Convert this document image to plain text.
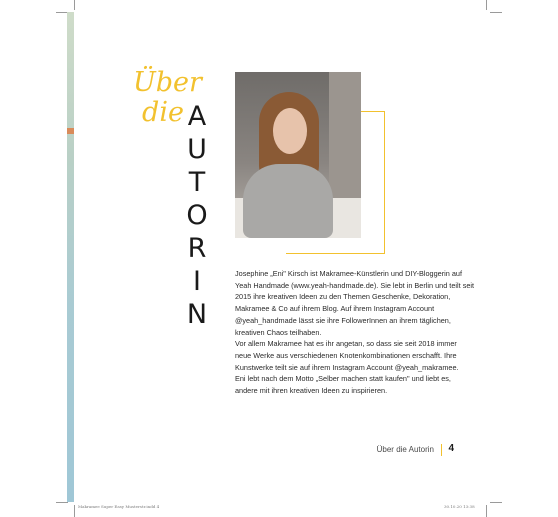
Über
die A
U
T
O
R
I
N

Josephine „Eni" Kirsch ist Makramee-Künstlerin und DIY-Bloggerin auf Yeah Handmade (www.yeah-handmade.de). Sie lebt in Berlin und teilt seit 2015 ihre kreativen Ideen zu den Themen Geschenke, Dekoration, Makramee & Co auf ihrem Blog. Auf ihrem Instagram Account @yeah_handmade lässt sie ihre FollowerInnen an ihrem täglichen, kreativen Chaos teilhaben.

Vor allem Makramee hat es ihr angetan, so dass sie seit 2018 immer neue Werke aus verschiedenen Knotenkombinationen erschafft. Ihre Kunstwerke teilt sie auf ihrem Instagram Account @yeah_makramee.

Eni lebt nach dem Motto „Selber machen statt kaufen" und liebt es, andere mit ihren kreativen Ideen zu inspirieren.

Über die Autorin 4
Makramee Super Easy Musterstr.indd 4	30.10.20 13:38
